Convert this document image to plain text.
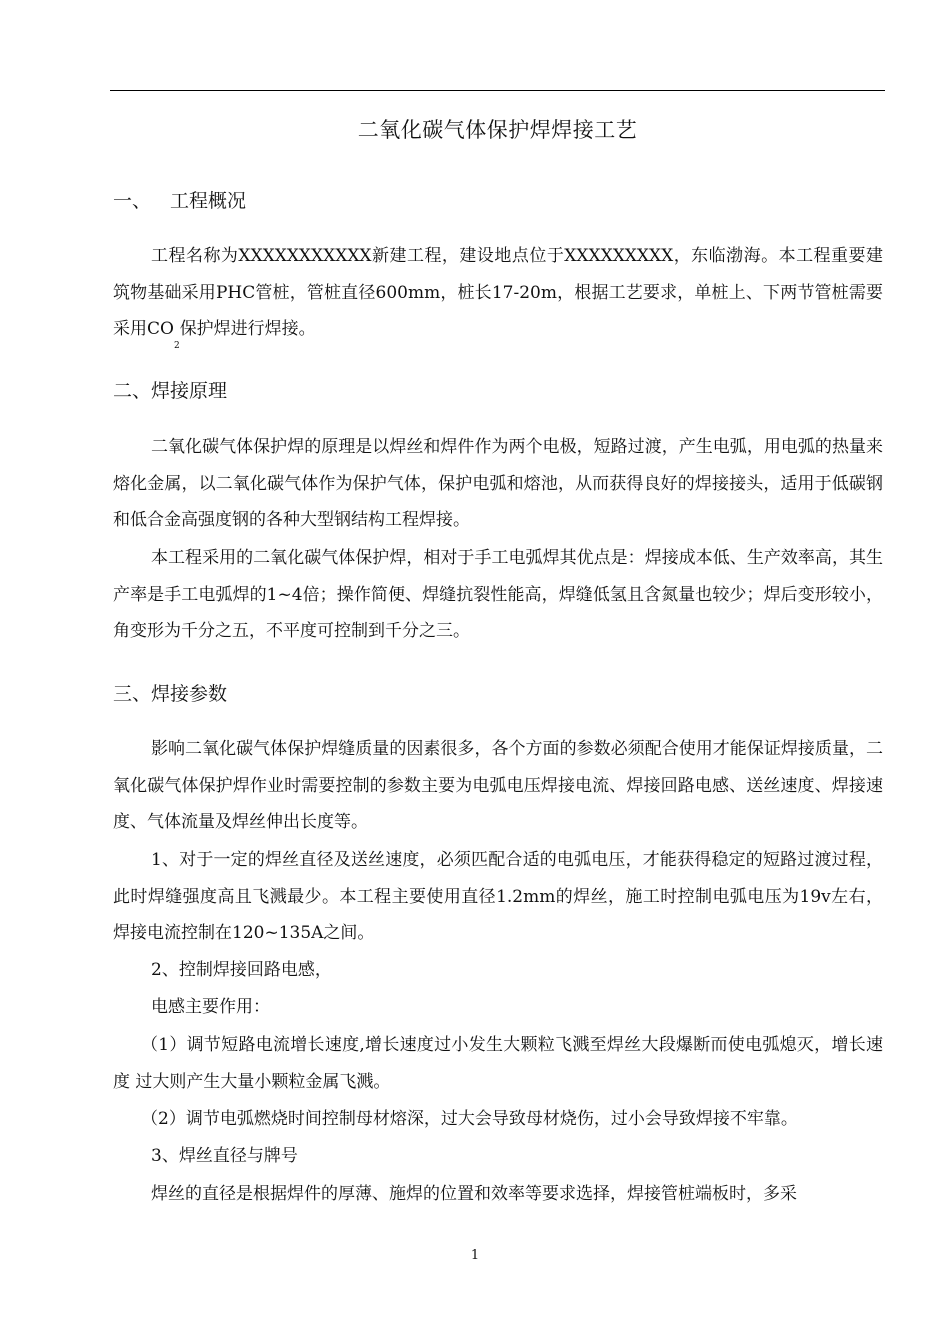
二氧化碳气体保护焊焊接工艺
一、 工程概况
工程名称为XXXXXXXXXXX新建工程，建设地点位于XXXXXXXXX，东临渤海。本工程重要建筑物基础采用PHC管桩，管桩直径600mm，桩长17-20m，根据工艺要求，单桩上、下两节管桩需要采用$CO_2$保护焊进行焊接。
二、焊接原理
二氧化碳气体保护焊的原理是以焊丝和焊件作为两个电极，短路过渡，产生电弧，用电弧的热量来熔化金属，以二氧化碳气体作为保护气体，保护电弧和熔池，从而获得良好的焊接接头，适用于低碳钢和低合金高强度钢的各种大型钢结构工程焊接。
本工程采用的二氧化碳气体保护焊，相对于手工电弧焊其优点是：焊接成本低、生产效率高，其生产率是手工电弧焊的1~4倍；操作简便、焊缝抗裂性能高，焊缝低氢且含氮量也较少；焊后变形较小，角变形为千分之五，不平度可控制到千分之三。
三、焊接参数
影响二氧化碳气体保护焊缝质量的因素很多，各个方面的参数必须配合使用才能保证焊接质量，二氧化碳气体保护焊作业时需要控制的参数主要为电弧电压焊接电流、焊接回路电感、送丝速度、焊接速度、气体流量及焊丝伸出长度等。
1、对于一定的焊丝直径及送丝速度，必须匹配合适的电弧电压，才能获得稳定的短路过渡过程，此时焊缝强度高且飞溅最少。本工程主要使用直径1.2mm的焊丝，施工时控制电弧电压为19v左右，焊接电流控制在120~135A之间。
2、控制焊接回路电感，
电感主要作用：
（1）调节短路电流增长速度,增长速度过小发生大颗粒飞溅至焊丝大段爆断而使电弧熄灭，增长速度 过大则产生大量小颗粒金属飞溅。
（2）调节电弧燃烧时间控制母材熔深，过大会导致母材烧伤，过小会导致焊接不牢靠。
3、焊丝直径与牌号
焊丝的直径是根据焊件的厚薄、施焊的位置和效率等要求选择，焊接管桩端板时，多采
1
